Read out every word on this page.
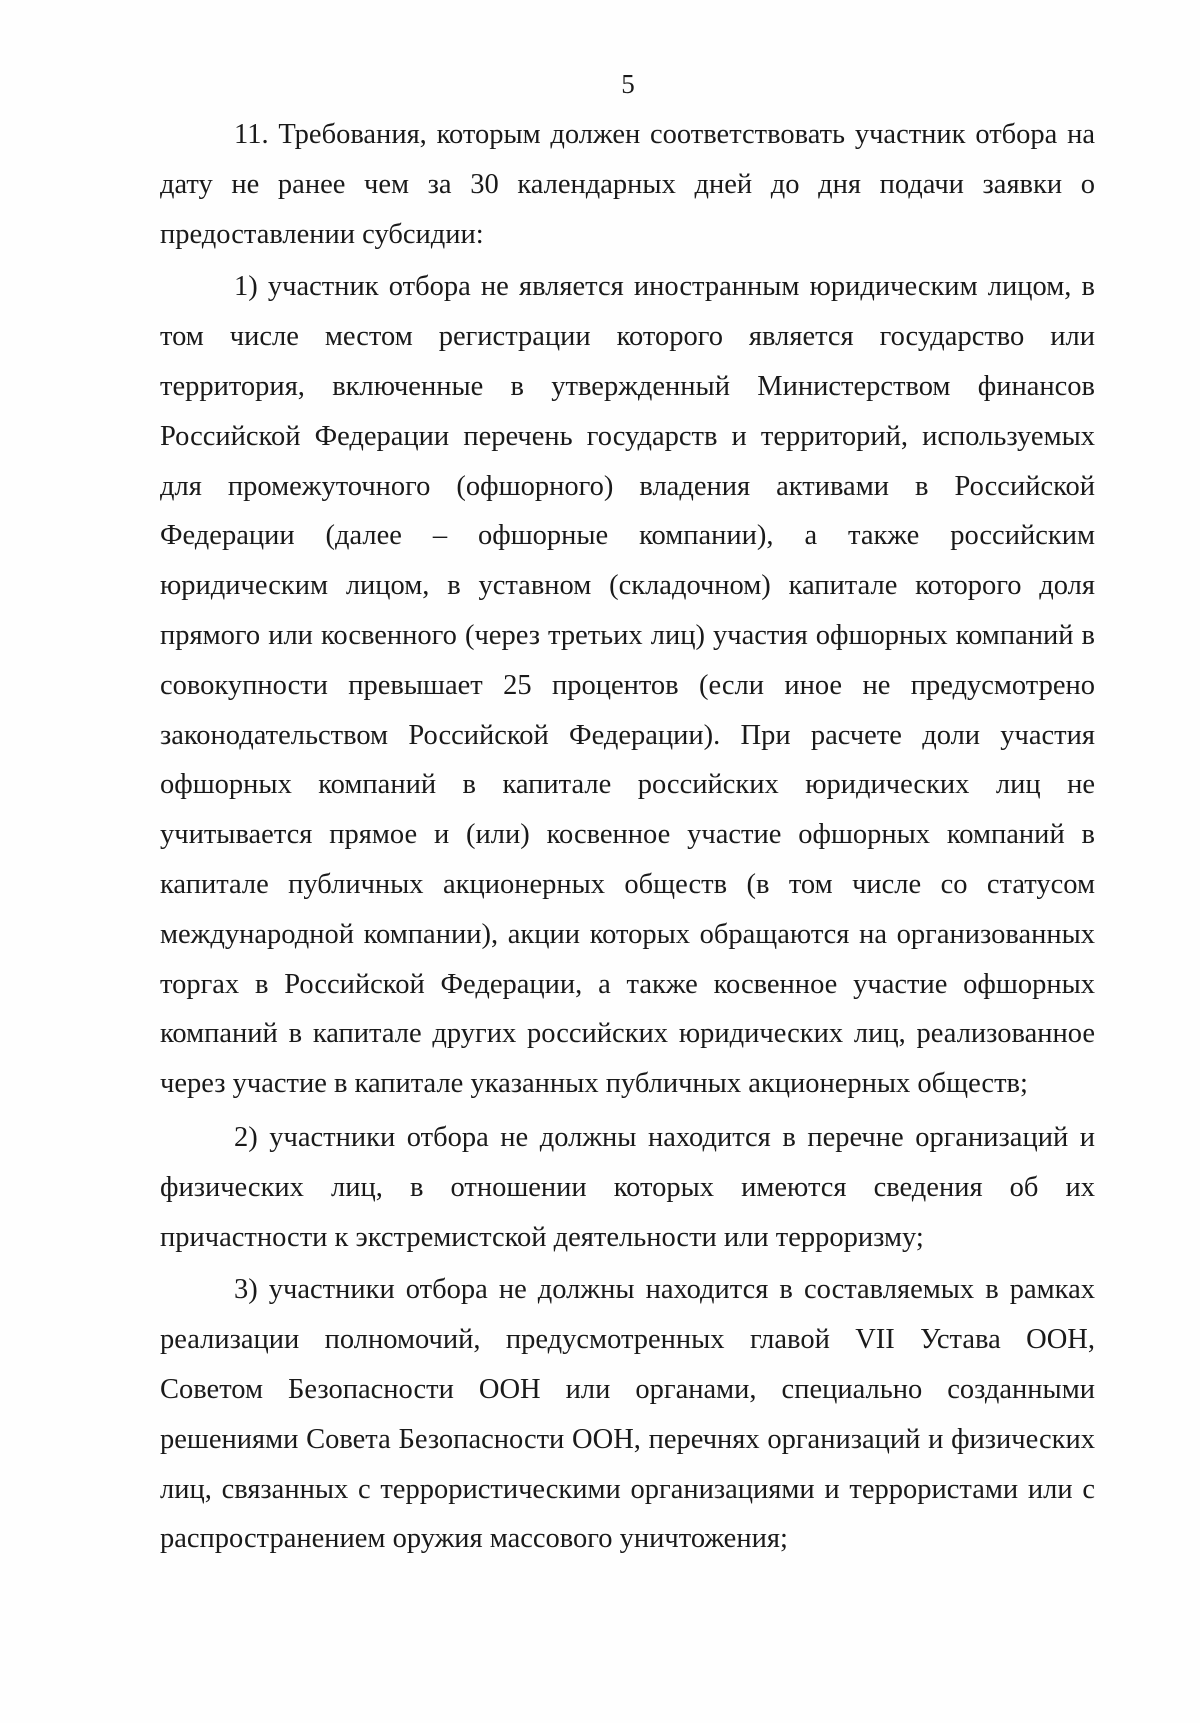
5

11. Требования, которым должен соответствовать участник отбора на дату не ранее чем за 30 календарных дней до дня подачи заявки о предоставлении субсидии:

1) участник отбора не является иностранным юридическим лицом, в том числе местом регистрации которого является государство или территория, включенные в утвержденный Министерством финансов Российской Федерации перечень государств и территорий, используемых для промежуточного (офшорного) владения активами в Российской Федерации (далее – офшорные компании), а также российским юридическим лицом, в уставном (складочном) капитале которого доля прямого или косвенного (через третьих лиц) участия офшорных компаний в совокупности превышает 25 процентов (если иное не предусмотрено законодательством Российской Федерации). При расчете доли участия офшорных компаний в капитале российских юридических лиц не учитывается прямое и (или) косвенное участие офшорных компаний в капитале публичных акционерных обществ (в том числе со статусом международной компании), акции которых обращаются на организованных торгах в Российской Федерации, а также косвенное участие офшорных компаний в капитале других российских юридических лиц, реализованное через участие в капитале указанных публичных акционерных обществ;

2) участники отбора не должны находится в перечне организаций и физических лиц, в отношении которых имеются сведения об их причастности к экстремистской деятельности или терроризму;

3) участники отбора не должны находится в составляемых в рамках реализации полномочий, предусмотренных главой VII Устава ООН, Советом Безопасности ООН или органами, специально созданными решениями Совета Безопасности ООН, перечнях организаций и физических лиц, связанных с террористическими организациями и террористами или с распространением оружия массового уничтожения;
